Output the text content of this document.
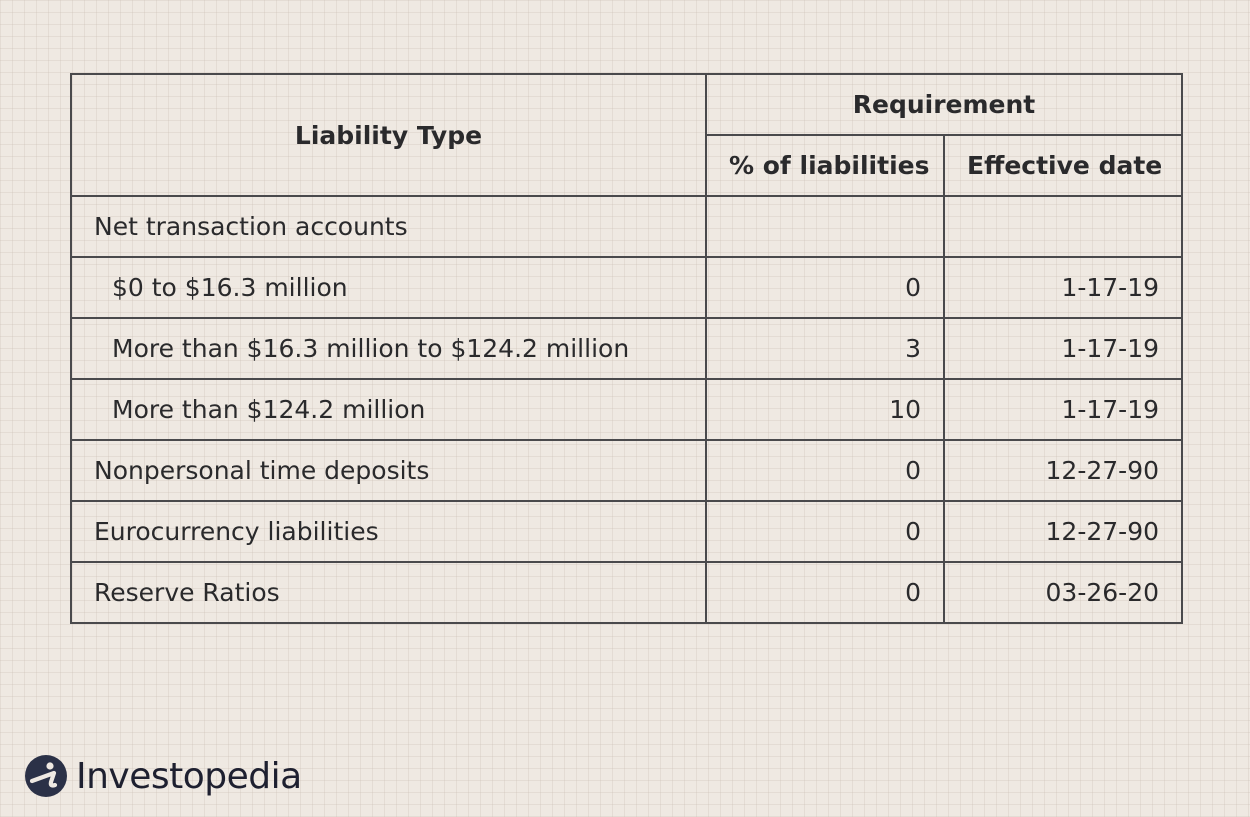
Liability Type	Requirement	
	% of liabilities	Effective date
Net transaction accounts		
$0 to $16.3 million	0	1-17-19
More than $16.3 million to $124.2 million	3	1-17-19
More than $124.2 million	10	1-17-19
Nonpersonal time deposits	0	12-27-90
Eurocurrency liabilities	0	12-27-90
Reserve Ratios	0	03-26-20
Investopedia
